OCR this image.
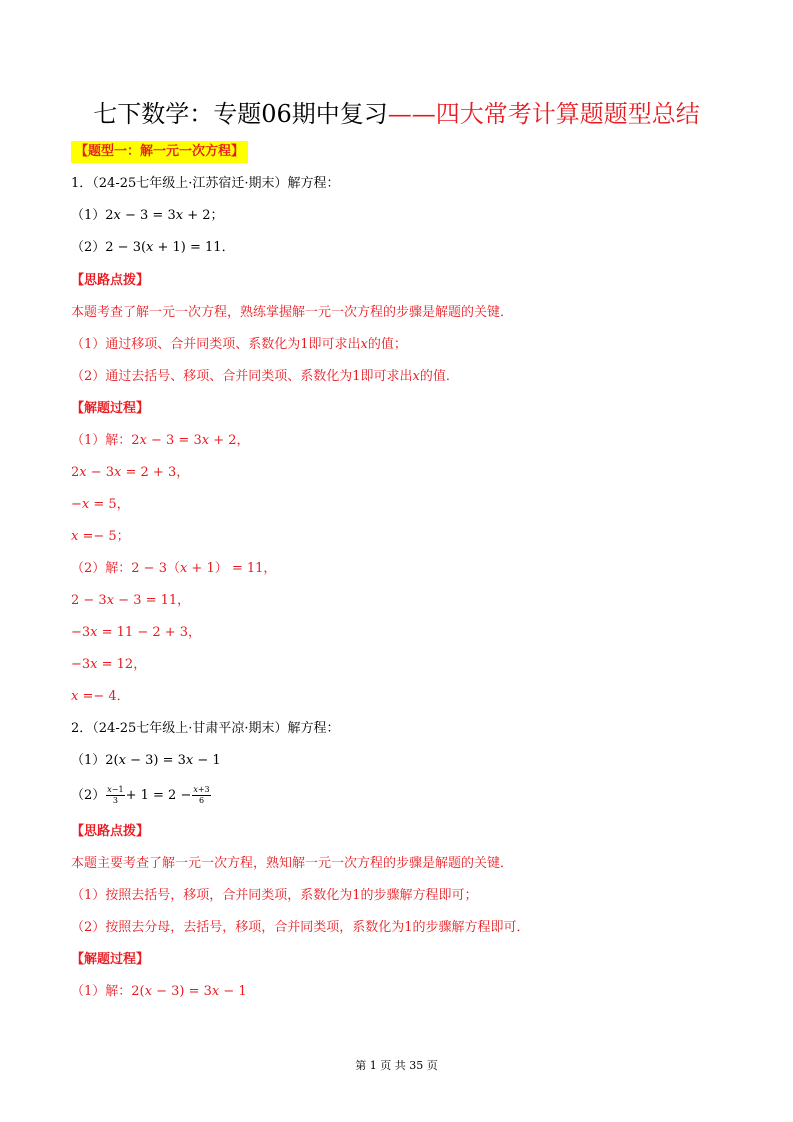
七下数学：专题06期中复习——四大常考计算题题型总结
【题型一：解一元一次方程】
1．（24-25七年级上·江苏宿迁·期末）解方程：
（1）2𝑥 − 3 = 3𝑥 + 2；
（2）2 − 3(𝑥 + 1) = 11．
【思路点拨】
本题考查了解一元一次方程，熟练掌握解一元一次方程的步骤是解题的关键．
（1）通过移项、合并同类项、系数化为1即可求出𝑥的值；
（2）通过去括号、移项、合并同类项、系数化为1即可求出𝑥的值．
【解题过程】
（1）解：2𝑥 − 3 = 3𝑥 + 2，
2𝑥 − 3𝑥 = 2 + 3，
−𝑥 = 5，
𝑥 =− 5；
（2）解：2 − 3（𝑥 + 1） = 11，
2 − 3𝑥 − 3 = 11，
−3𝑥 = 11 − 2 + 3，
−3𝑥 = 12，
𝑥 =− 4．
2．（24-25七年级上·甘肃平凉·期末）解方程：
（1）2(𝑥 − 3) = 3𝑥 − 1
$(2) \frac{\text{𝑥−1}}{3} + 1 = 2 - \frac{\text{𝑥+3}}{6}$
【思路点拨】
本题主要考查了解一元一次方程，熟知解一元一次方程的步骤是解题的关键．
（1）按照去括号，移项，合并同类项，系数化为1的步骤解方程即可；
（2）按照去分母，去括号，移项，合并同类项，系数化为1的步骤解方程即可．
【解题过程】
（1）解：2(𝑥 − 3) = 3𝑥 − 1
第 1 页 共 35 页
